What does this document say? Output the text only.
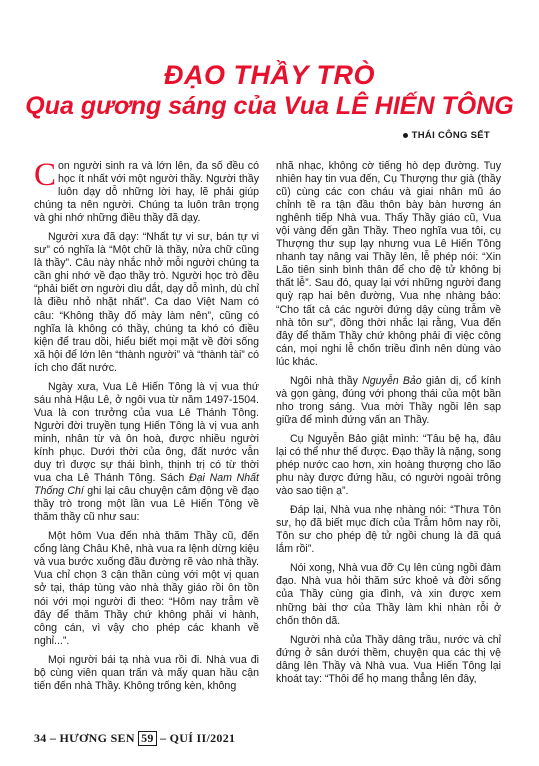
ĐẠO THẦY TRÒ
Qua gương sáng của Vua LÊ HIẾN TÔNG
THÁI CÔNG SẾT

Con người sinh ra và lớn lên, đa số đều có học ít nhất với một người thầy. Người thầy luôn dạy dỗ những lời hay, lẽ phải giúp chúng ta nên người. Chúng ta luôn trân trọng và ghi nhớ những điều thầy đã dạy.

Người xưa đã dạy: “Nhất tự vi sư, bán tự vi sư” có nghĩa là “Một chữ là thầy, nửa chữ cũng là thầy”. Câu này nhắc nhở mỗi người chúng ta cần ghi nhớ về đạo thầy trò. Người học trò đều “phải biết ơn người dìu dắt, dạy dỗ mình, dù chỉ là điều nhỏ nhặt nhất”. Ca dao Việt Nam có câu: “Không thầy đố mày làm nên”, cũng có nghĩa là không có thầy, chúng ta khó có điều kiện để trau dồi, hiểu biết mọi mặt về đời sống xã hội để lớn lên “thành người” và “thành tài” có ích cho đất nước.

Ngày xưa, Vua Lê Hiến Tông là vị vua thứ sáu nhà Hậu Lê, ở ngôi vua từ năm 1497-1504. Vua là con trưởng của vua Lê Thánh Tông. Người đời truyền tụng Hiến Tông là vị vua anh minh, nhân từ và ôn hoà, được nhiều người kính phục. Dưới thời của ông, đất nước vẫn duy trì được sự thái bình, thịnh trị có từ thời vua cha Lê Thánh Tông. Sách Đại Nam Nhất Thống Chí ghi lại câu chuyện cảm động về đạo thầy trò trong một lần vua Lê Hiến Tông về thăm thầy cũ như sau:

Một hôm Vua đến nhà thăm Thầy cũ, đến cổng làng Châu Khê, nhà vua ra lệnh dừng kiệu và vua bước xuống đầu đường rẽ vào nhà thầy. Vua chỉ chọn 3 cận thần cùng với một vị quan sở tại, tháp tùng vào nhà thầy giáo rồi ôn tồn nói với mọi người đi theo: “Hôm nay trẫm về đây để thăm Thầy chứ không phải vi hành, công cán, vì vậy cho phép các khanh về nghỉ...”.

Mọi người bái tạ nhà vua rồi đi. Nhà vua đi bộ cùng viên quan trấn và mấy quan hầu cận tiến đến nhà Thầy. Không trống kèn, không

nhã nhạc, không cờ tiếng hò dẹp đường. Tuy nhiên hay tin vua đến, Cụ Thượng thư già (thầy cũ) cùng các con cháu và giai nhân mũ áo chỉnh tề ra tận đầu thôn bày bàn hương án nghênh tiếp Nhà vua. Thấy Thầy giáo cũ, Vua vội vàng đến gần Thầy. Theo nghĩa vua tôi, cụ Thượng thư sụp lạy nhưng vua Lê Hiến Tông nhanh tay nâng vai Thầy lên, lễ phép nói: “Xin Lão tiên sinh bình thân để cho đệ tử không bị thất lễ”. Sau đó, quay lại với những người đang quỳ rạp hai bên đường, Vua nhẹ nhàng bảo: “Cho tất cả các người đứng dậy cùng trẫm về nhà tôn sư”, đồng thời nhắc lại rằng, Vua đến đây để thăm Thầy chứ không phải đi việc công cán, mọi nghi lễ chốn triều đình nên dùng vào lúc khác.

Ngôi nhà thầy Nguyễn Bảo giản dị, cổ kính và gọn gàng, đúng với phong thái của một bần nho trong sáng. Vua mời Thầy ngồi lên sạp giữa để mình đứng vấn an Thầy.

Cụ Nguyễn Bảo giật mình: “Tâu bệ hạ, đâu lại có thể như thế được. Đạo thầy là nặng, song phép nước cao hơn, xin hoàng thượng cho lão phu này được đứng hầu, có người ngoài trông vào sao tiện ạ”.

Đáp lại, Nhà vua nhẹ nhàng nói: “Thưa Tôn sư, họ đã biết mục đích của Trẫm hôm nay rồi, Tôn sư cho phép đệ tử ngồi chung là đã quá lắm rồi”.

Nói xong, Nhà vua đỡ Cụ lên cùng ngồi đàm đạo. Nhà vua hỏi thăm sức khoẻ và đời sống của Thầy cùng gia đình, và xin được xem những bài thơ của Thầy làm khi nhàn rỗi ở chốn thôn dã.

Người nhà của Thầy dâng trầu, nước và chỉ đứng ở sân dưới thềm, chuyện qua các thị vệ dâng lên Thầy và Nhà vua. Vua Hiến Tông lại khoát tay: “Thôi để họ mang thẳng lên đây,

34 – HƯƠNG SEN 59 – QUÍ II/2021
